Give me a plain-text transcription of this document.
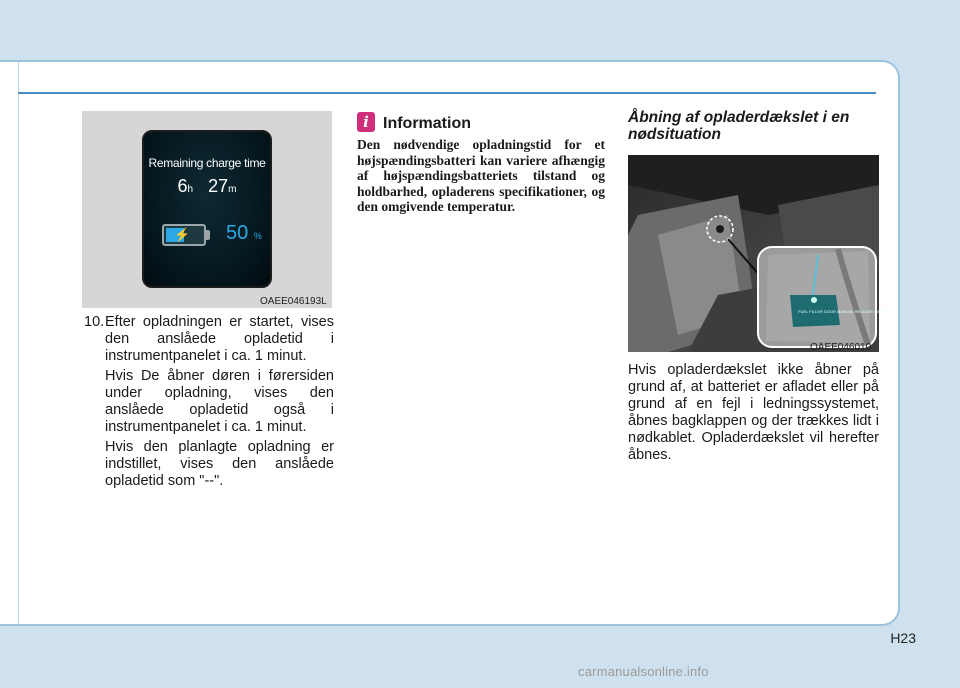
Remaining charge time
6h 27m
⚡ 50 %
OAEE046193L
10. Efter opladningen er startet, vises den anslåede opladetid i instrumentpanelet i ca. 1 minut.
Hvis De åbner døren i førersiden under opladning, vises den anslåede opladetid også i instrumentpanelet i ca. 1 minut.
Hvis den planlagte opladning er indstillet, vises den anslåede opladetid som "--".
i Information
Den nødvendige opladningstid for et højspændingsbatteri kan variere afhængig af højspændingsbatteriets tilstand og holdbarhed, opladerens specifikationer, og den omgivende temperatur.
Åbning af opladerdækslet i en nødsituation
FUEL FILLER DOOR MANUAL RELEASE HANDLE
OAEE046010
Hvis opladerdækslet ikke åbner på grund af, at batteriet er afladet eller på grund af en fejl i ledningssystemet, åbnes bagklappen og der trækkes lidt i nødkablet. Opladerdækslet vil herefter åbnes.
H23
carmanualsonline.info
